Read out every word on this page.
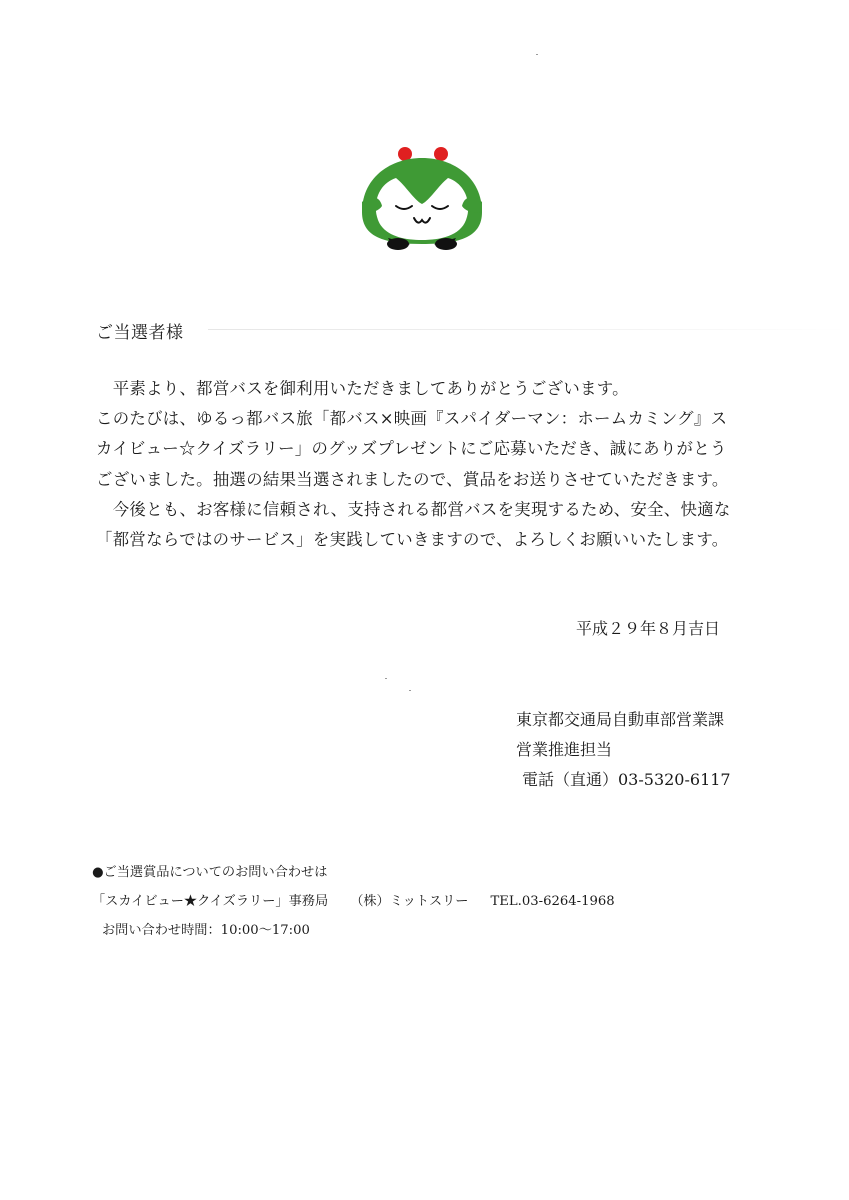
ご当選者様

　平素より、都営バスを御利用いただきましてありがとうございます。

このたびは、ゆるっ都バス旅「都バス×映画『スパイダーマン：ホームカミング』ス

カイビュー☆クイズラリー」のグッズプレゼントにご応募いただき、誠にありがとう

ございました。抽選の結果当選されましたので、賞品をお送りさせていただきます。

　今後とも、お客様に信頼され、支持される都営バスを実現するため、安全、快適な

「都営ならではのサービス」を実践していきますので、よろしくお願いいたします。

平成２９年８月吉日
東京都交通局自動車部営業課
営業推進担当
電話（直通）03-5320-6117
●ご当選賞品についてのお問い合わせは
「スカイビュー★クイズラリー」事務局 （株）ミットスリー TEL.03-6264-1968
お問い合わせ時間：10:00〜17:00
